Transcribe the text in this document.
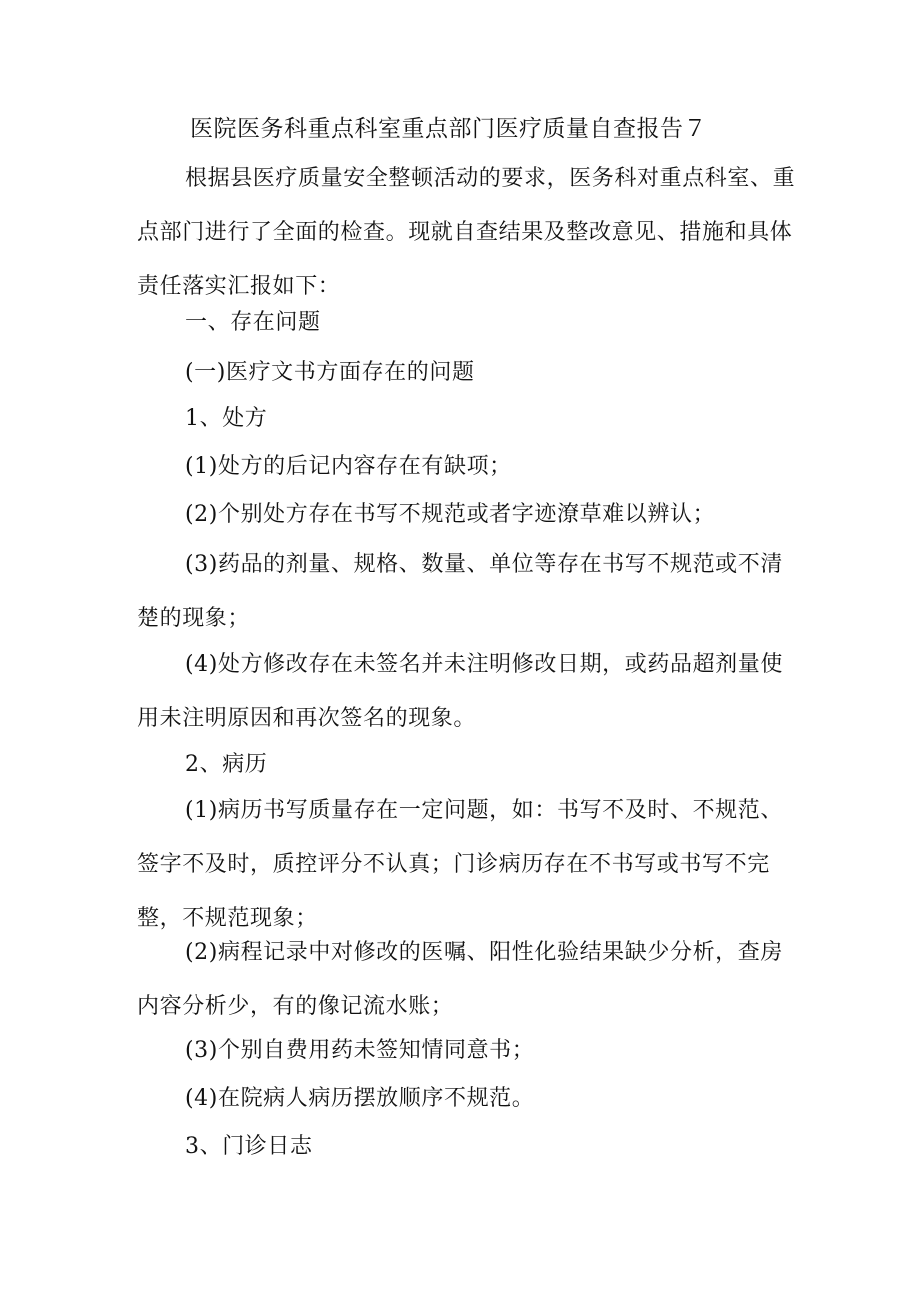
医院医务科重点科室重点部门医疗质量自查报告７

根据县医疗质量安全整顿活动的要求，医务科对重点科室、重点部门进行了全面的检查。现就自查结果及整改意见、措施和具体责任落实汇报如下：

一、存在问题

(一)医疗文书方面存在的问题

1、处方

(1)处方的后记内容存在有缺项；

(2)个别处方存在书写不规范或者字迹潦草难以辨认；

(3)药品的剂量、规格、数量、单位等存在书写不规范或不清楚的现象；

(4)处方修改存在未签名并未注明修改日期，或药品超剂量使用未注明原因和再次签名的现象。

2、病历

(1)病历书写质量存在一定问题，如：书写不及时、不规范、签字不及时，质控评分不认真；门诊病历存在不书写或书写不完整，不规范现象；

(2)病程记录中对修改的医嘱、阳性化验结果缺少分析，查房内容分析少，有的像记流水账；

(3)个别自费用药未签知情同意书；

(4)在院病人病历摆放顺序不规范。

3、门诊日志
